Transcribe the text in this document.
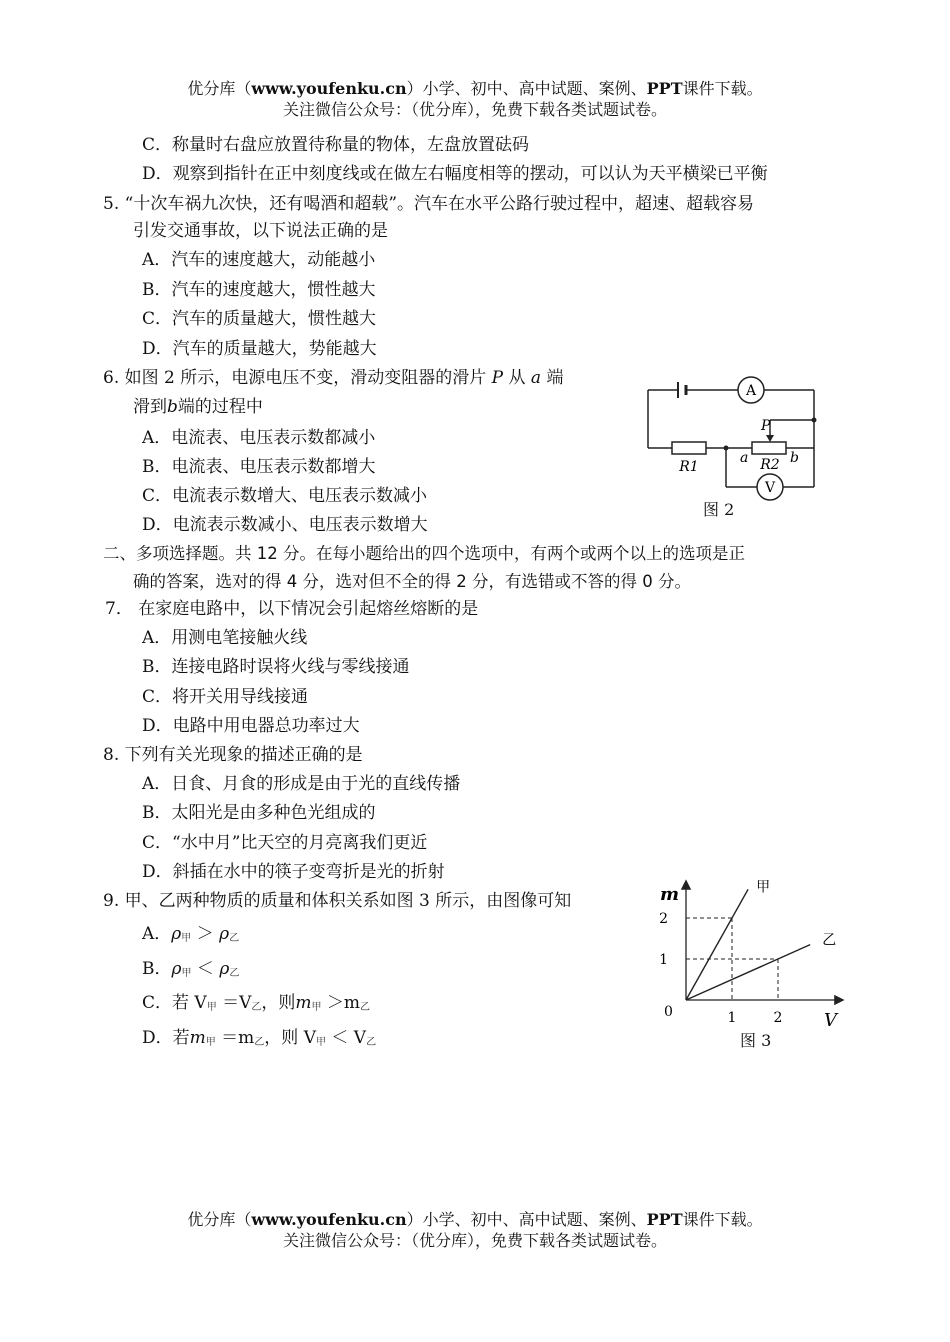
优分库（www.youfenku.cn）小学、初中、高中试题、案例、PPT课件下载。
关注微信公众号：（优分库），免费下载各类试题试卷。
C．称量时右盘应放置待称量的物体，左盘放置砝码
D．观察到指针在正中刻度线或在做左右幅度相等的摆动，可以认为天平横梁已平衡
5. “十次车祸九次快，还有喝酒和超载”。汽车在水平公路行驶过程中，超速、超载容易
引发交通事故，以下说法正确的是
A．汽车的速度越大，动能越小
B．汽车的速度越大，惯性越大
C．汽车的质量越大，惯性越大
D．汽车的质量越大，势能越大
6. 如图 2 所示，电源电压不变，滑动变阻器的滑片 P 从 a 端
滑到b端的过程中
A．电流表、电压表示数都减小
B．电流表、电压表示数都增大
C．电流表示数增大、电压表示数减小
D．电流表示数减小、电压表示数增大
A
V
R1	R2
P
a	b
图 2
二、多项选择题。共 12 分。在每小题给出的四个选项中，有两个或两个以上的选项是正
确的答案，选对的得 4 分，选对但不全的得 2 分，有选错或不答的得 0 分。
7． 在家庭电路中，以下情况会引起熔丝熔断的是
A．用测电笔接触火线
B．连接电路时误将火线与零线接通
C．将开关用导线接通
D．电路中用电器总功率过大
8. 下列有关光现象的描述正确的是
A．日食、月食的形成是由于光的直线传播
B．太阳光是由多种色光组成的
C．“水中月”比天空的月亮离我们更近
D．斜插在水中的筷子变弯折是光的折射
9. 甲、乙两种物质的质量和体积关系如图 3 所示，由图像可知
A．$\rho_甲 > \rho_乙$
B．$\rho_甲 < \rho_乙$
C．若 $V_甲 =V_乙$，则$m_甲 >m_乙$
D．若$m_甲 =m_乙$，则 $V_甲 < V_乙$
m
V
0	1	2
1
2
甲
乙
图 3
优分库（www.youfenku.cn）小学、初中、高中试题、案例、PPT课件下载。
关注微信公众号：（优分库），免费下载各类试题试卷。
